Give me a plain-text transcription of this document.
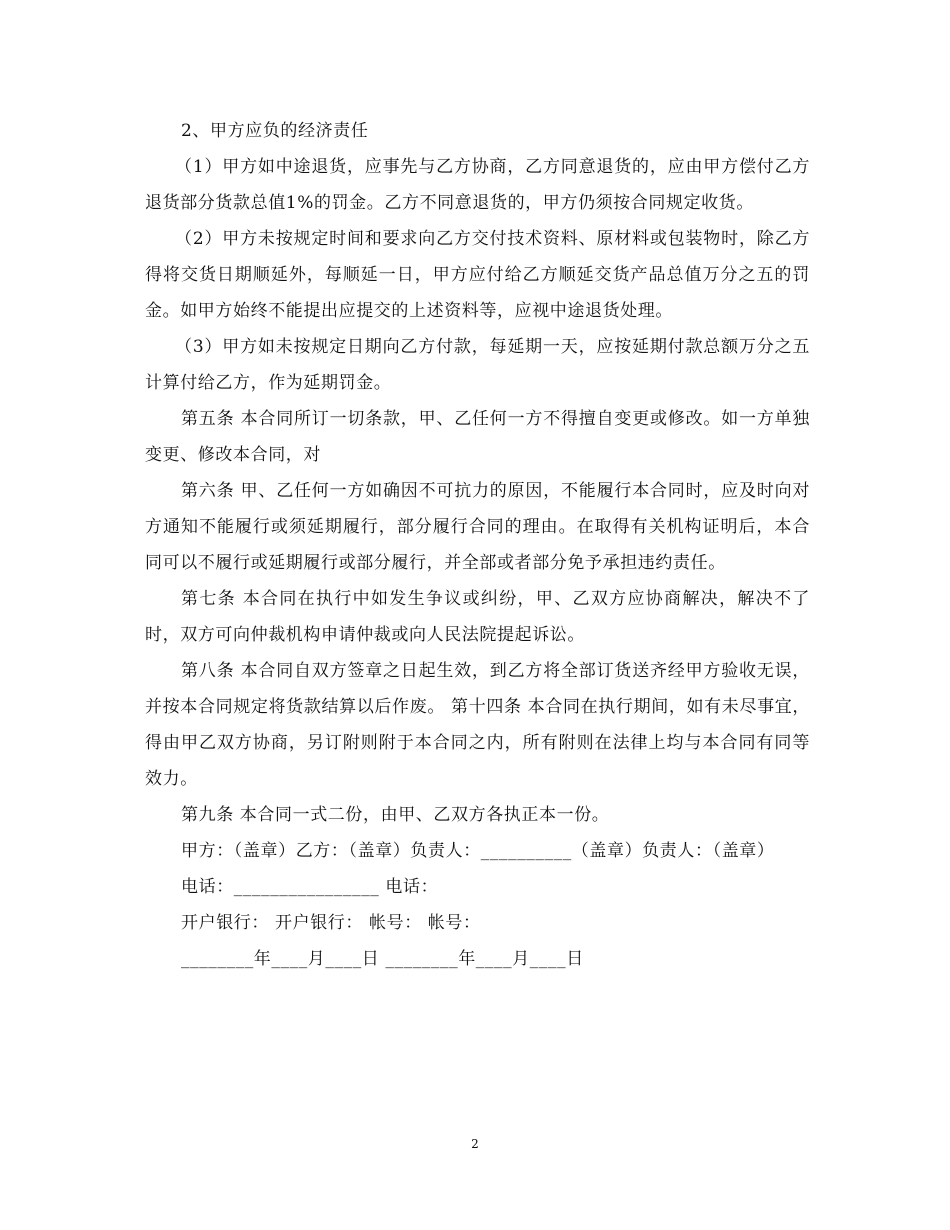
2、甲方应负的经济责任

（1）甲方如中途退货，应事先与乙方协商，乙方同意退货的，应由甲方偿付乙方退货部分货款总值1%的罚金。乙方不同意退货的，甲方仍须按合同规定收货。

（2）甲方未按规定时间和要求向乙方交付技术资料、原材料或包装物时，除乙方得将交货日期顺延外，每顺延一日，甲方应付给乙方顺延交货产品总值万分之五的罚金。如甲方始终不能提出应提交的上述资料等，应视中途退货处理。

（3）甲方如未按规定日期向乙方付款，每延期一天，应按延期付款总额万分之五计算付给乙方，作为延期罚金。

第五条 本合同所订一切条款，甲、乙任何一方不得擅自变更或修改。如一方单独变更、修改本合同，对

第六条 甲、乙任何一方如确因不可抗力的原因，不能履行本合同时，应及时向对方通知不能履行或须延期履行，部分履行合同的理由。在取得有关机构证明后，本合同可以不履行或延期履行或部分履行，并全部或者部分免予承担违约责任。

第七条 本合同在执行中如发生争议或纠纷，甲、乙双方应协商解决，解决不了时，双方可向仲裁机构申请仲裁或向人民法院提起诉讼。

第八条 本合同自双方签章之日起生效，到乙方将全部订货送齐经甲方验收无误，并按本合同规定将货款结算以后作废。 第十四条 本合同在执行期间，如有未尽事宜，得由甲乙双方协商，另订附则附于本合同之内，所有附则在法律上均与本合同有同等效力。

第九条 本合同一式二份，由甲、乙双方各执正本一份。

甲方：（盖章）乙方：（盖章）负责人：__________（盖章）负责人：（盖章）

电话：________________ 电话：

开户银行： 开户银行： 帐号： 帐号：

________年____月____日 ________年____月____日

2
